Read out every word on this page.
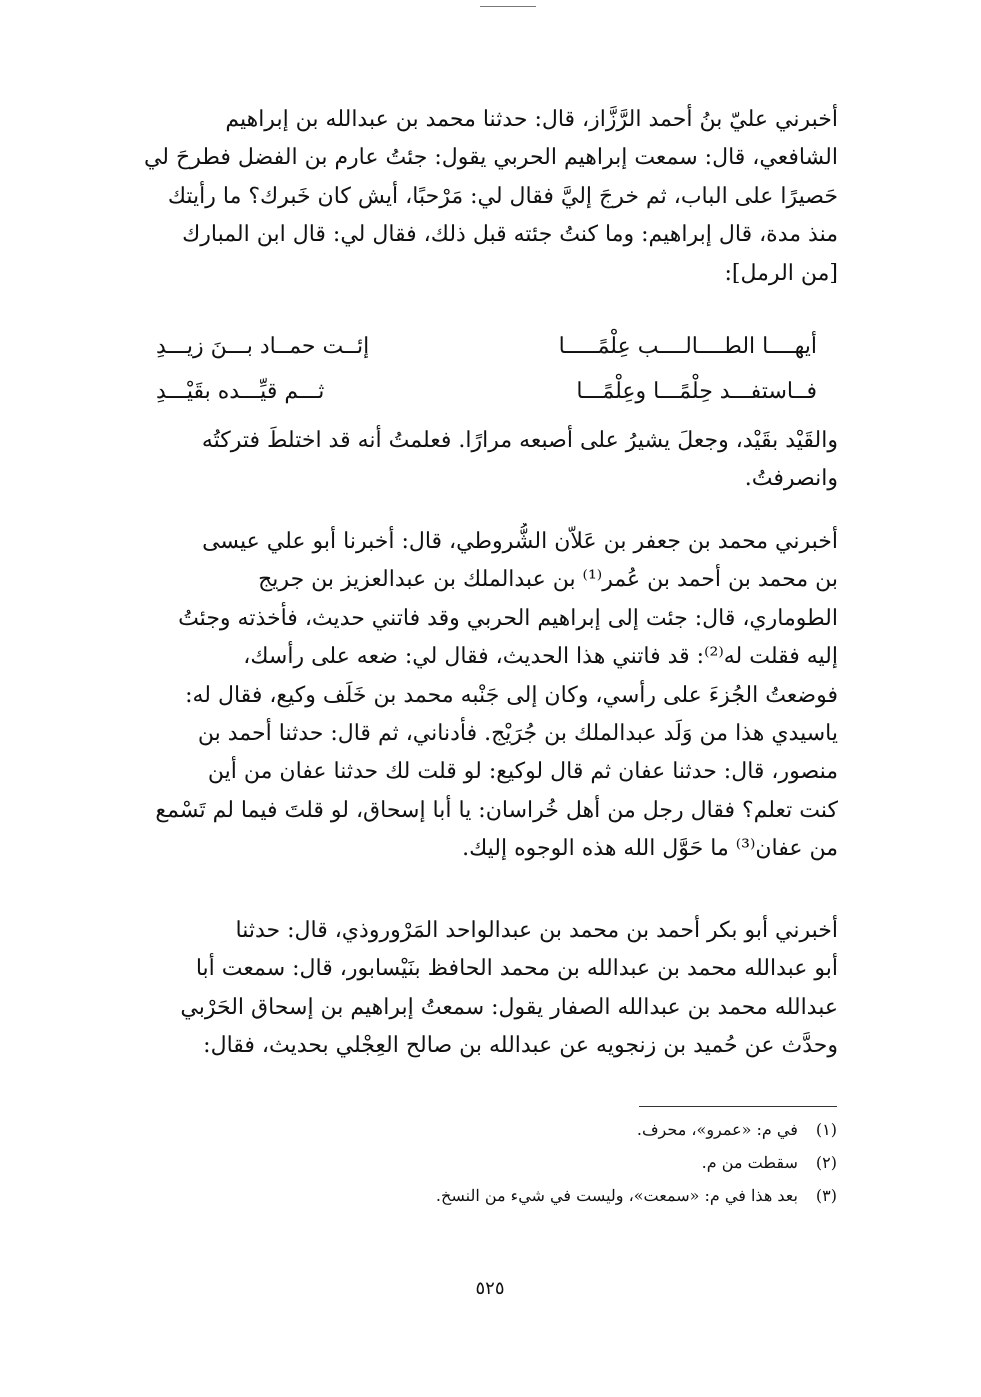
أخبرني عليّ بنُ أحمد الرَّزَّاز، قال: حدثنا محمد بن عبدالله بن إبراهيم
الشافعي، قال: سمعت إبراهيم الحربي يقول: جئتُ عارم بن الفضل فطرحَ لي
حَصيرًا على الباب، ثم خرجَ إليَّ فقال لي: مَرْحبًا، أيش كان خَبرك؟ ما رأيتك
منذ مدة، قال إبراهيم: وما كنتُ جئته قبل ذلك، فقال لي: قال ابن المبارك
[من الرمل]:
أيهــــا الطــــالــــب عِلْمًـــــا
إئــت حمــاد بـــنَ زيـــدِ
فــاستفـــد حِلْمًـــا وعِلْمًـــا
ثـــم قيِّـــده بقَيْـــدِ
والقَيْد بقَيْد، وجعلَ يشيرُ على أصبعه مرارًا. فعلمتُ أنه قد اختلطَ فتركتُه
وانصرفتُ.
أخبرني محمد بن جعفر بن عَلاّن الشُّروطي، قال: أخبرنا أبو علي عيسى
بن محمد بن أحمد بن عُمر⁽¹⁾ بن عبدالملك بن عبدالعزيز بن جريج
الطوماري، قال: جئت إلى إبراهيم الحربي وقد فاتني حديث، فأخذته وجئتُ
إليه فقلت له⁽²⁾: قد فاتني هذا الحديث، فقال لي: ضعه على رأسك،
فوضعتُ الجُزءَ على رأسي، وكان إلى جَنْبه محمد بن خَلَف وكيع، فقال له:
ياسيدي هذا من وَلَد عبدالملك بن جُرَيْج. فأدناني، ثم قال: حدثنا أحمد بن
منصور، قال: حدثنا عفان ثم قال لوكيع: لو قلت لك حدثنا عفان من أين
كنت تعلم؟ فقال رجل من أهل خُراسان: يا أبا إسحاق، لو قلتَ فيما لم تَسْمع
من عفان⁽³⁾ ما حَوَّل الله هذه الوجوه إليك.
أخبرني أبو بكر أحمد بن محمد بن عبدالواحد المَرْوروذي، قال: حدثنا
أبو عبدالله محمد بن عبدالله بن محمد الحافظ بنَيْسابور، قال: سمعت أبا
عبدالله محمد بن عبدالله الصفار يقول: سمعتُ إبراهيم بن إسحاق الحَرْبي
وحدَّث عن حُميد بن زنجويه عن عبدالله بن صالح العِجْلي بحديث، فقال:
(١) في م: «عمرو»، محرف.
(٢) سقطت من م.
(٣) بعد هذا في م: «سمعت»، وليست في شيء من النسخ.
٥٢٥
